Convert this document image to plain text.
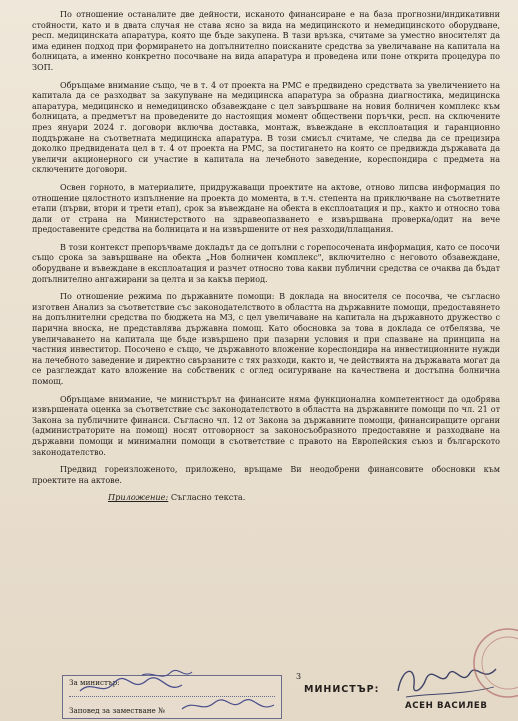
По отношение останалите две дейности, исканото финансиране е на база прогнозни/индикативни стойности, като и в двата случая не става ясно за вида на медицинското и немедицинското оборудване, респ. медицинската апаратура, която ще бъде закупена. В тази връзка, считаме за уместно вносителят да има единен подход при формирането на допълнително поисканите средства за увеличаване на капитала на болницата, а именно конкретно посочване на вида апаратура и проведена или поне открита процедура по ЗОП.

Обръщаме внимание също, че в т. 4 от проекта на РМС е предвидено средствата за увеличението на капитала да се разходват за закупуване на медицинска апаратура за образна диагностика, медицинска апаратура, медицинско и немедицинско обзавеждане с цел завършване на новия болничен комплекс към болницата, а предметът на проведените до настоящия момент обществени поръчки, респ. на сключените през януари 2024 г. договори включва доставка, монтаж, въвеждане в експлоатация и гаранционно поддържане на съответната медицинска апаратура. В този смисъл считаме, че следва да се прецизира доколко предвидената цел в т. 4 от проекта на РМС, за постигането на която се предвижда държавата да увеличи акционерного си участие в капитала на лечебното заведение, кореспондира с предмета на сключените договори.

Освен горното, в материалите, придружаващи проектите на актове, отново липсва информация по отношение цялостното изпълнение на проекта до момента, в т.ч. степента на приключване на съответните етапи (първи, втори и трети етап), срок за въвеждане на обекта в експлоатация и пр., както и относно това дали от страна на Министерството на здравеопазването е извършвана проверка/одит на вече предоставените средства на болницата и на извършените от нея разходи/плащания.

В този контекст препоръчваме докладът да се допълни с горепосочената информация, като се посочи също срока за завършване на обекта „Нов болничен комплекс", включително с неговото обзавеждане, оборудване и въвеждане в експлоатация и разчет относно това какви публични средства се очаква да бъдат допълнително ангажирани за целта и за какъв период.

По отношение режима по държавните помощи: В доклада на вносителя се посочва, че съгласно изготвен Анализ за съответствие със законодателството в областта на държавните помощи, предоставянето на допълнителни средства по бюджета на МЗ, с цел увеличаване на капитала на държавното дружество с парична вноска, не представлява държавна помощ. Като обосновка за това в доклада се отбелязва, че увеличаването на капитала ще бъде извършено при пазарни условия и при спазване на принципа на частния инвеститор. Посочено е също, че държавното вложение кореспондира на инвестиционните нужди на лечебното заведение и директно свързаните с тях разходи, както и, че действията на държавата могат да се разглеждат като вложение на собственик с оглед осигуряване на качествена и достъпна болнична помощ.

Обръщаме внимание, че министърът на финансите няма функционална компетентност да одобрява извършената оценка за съответствие със законодателството в областта на държавните помощи по чл. 21 от Закона за публичните финанси. Съгласно чл. 12 от Закона за държавните помощи, финансиращите органи (администраторите на помощ) носят отговорност за законосъобразното предоставяне и разходване на държавни помощи и минимални помощи в съответствие с правото на Европейския съюз и българското законодателство.

Предвид гореизложеното, приложено, връщаме Ви неодобрени финансовите обосновки към проектите на актове.

Приложение: Съгласно текста.
За министър:
Заповед за заместване №
3
МИНИСТЪР:
АСЕН ВАСИЛЕВ
